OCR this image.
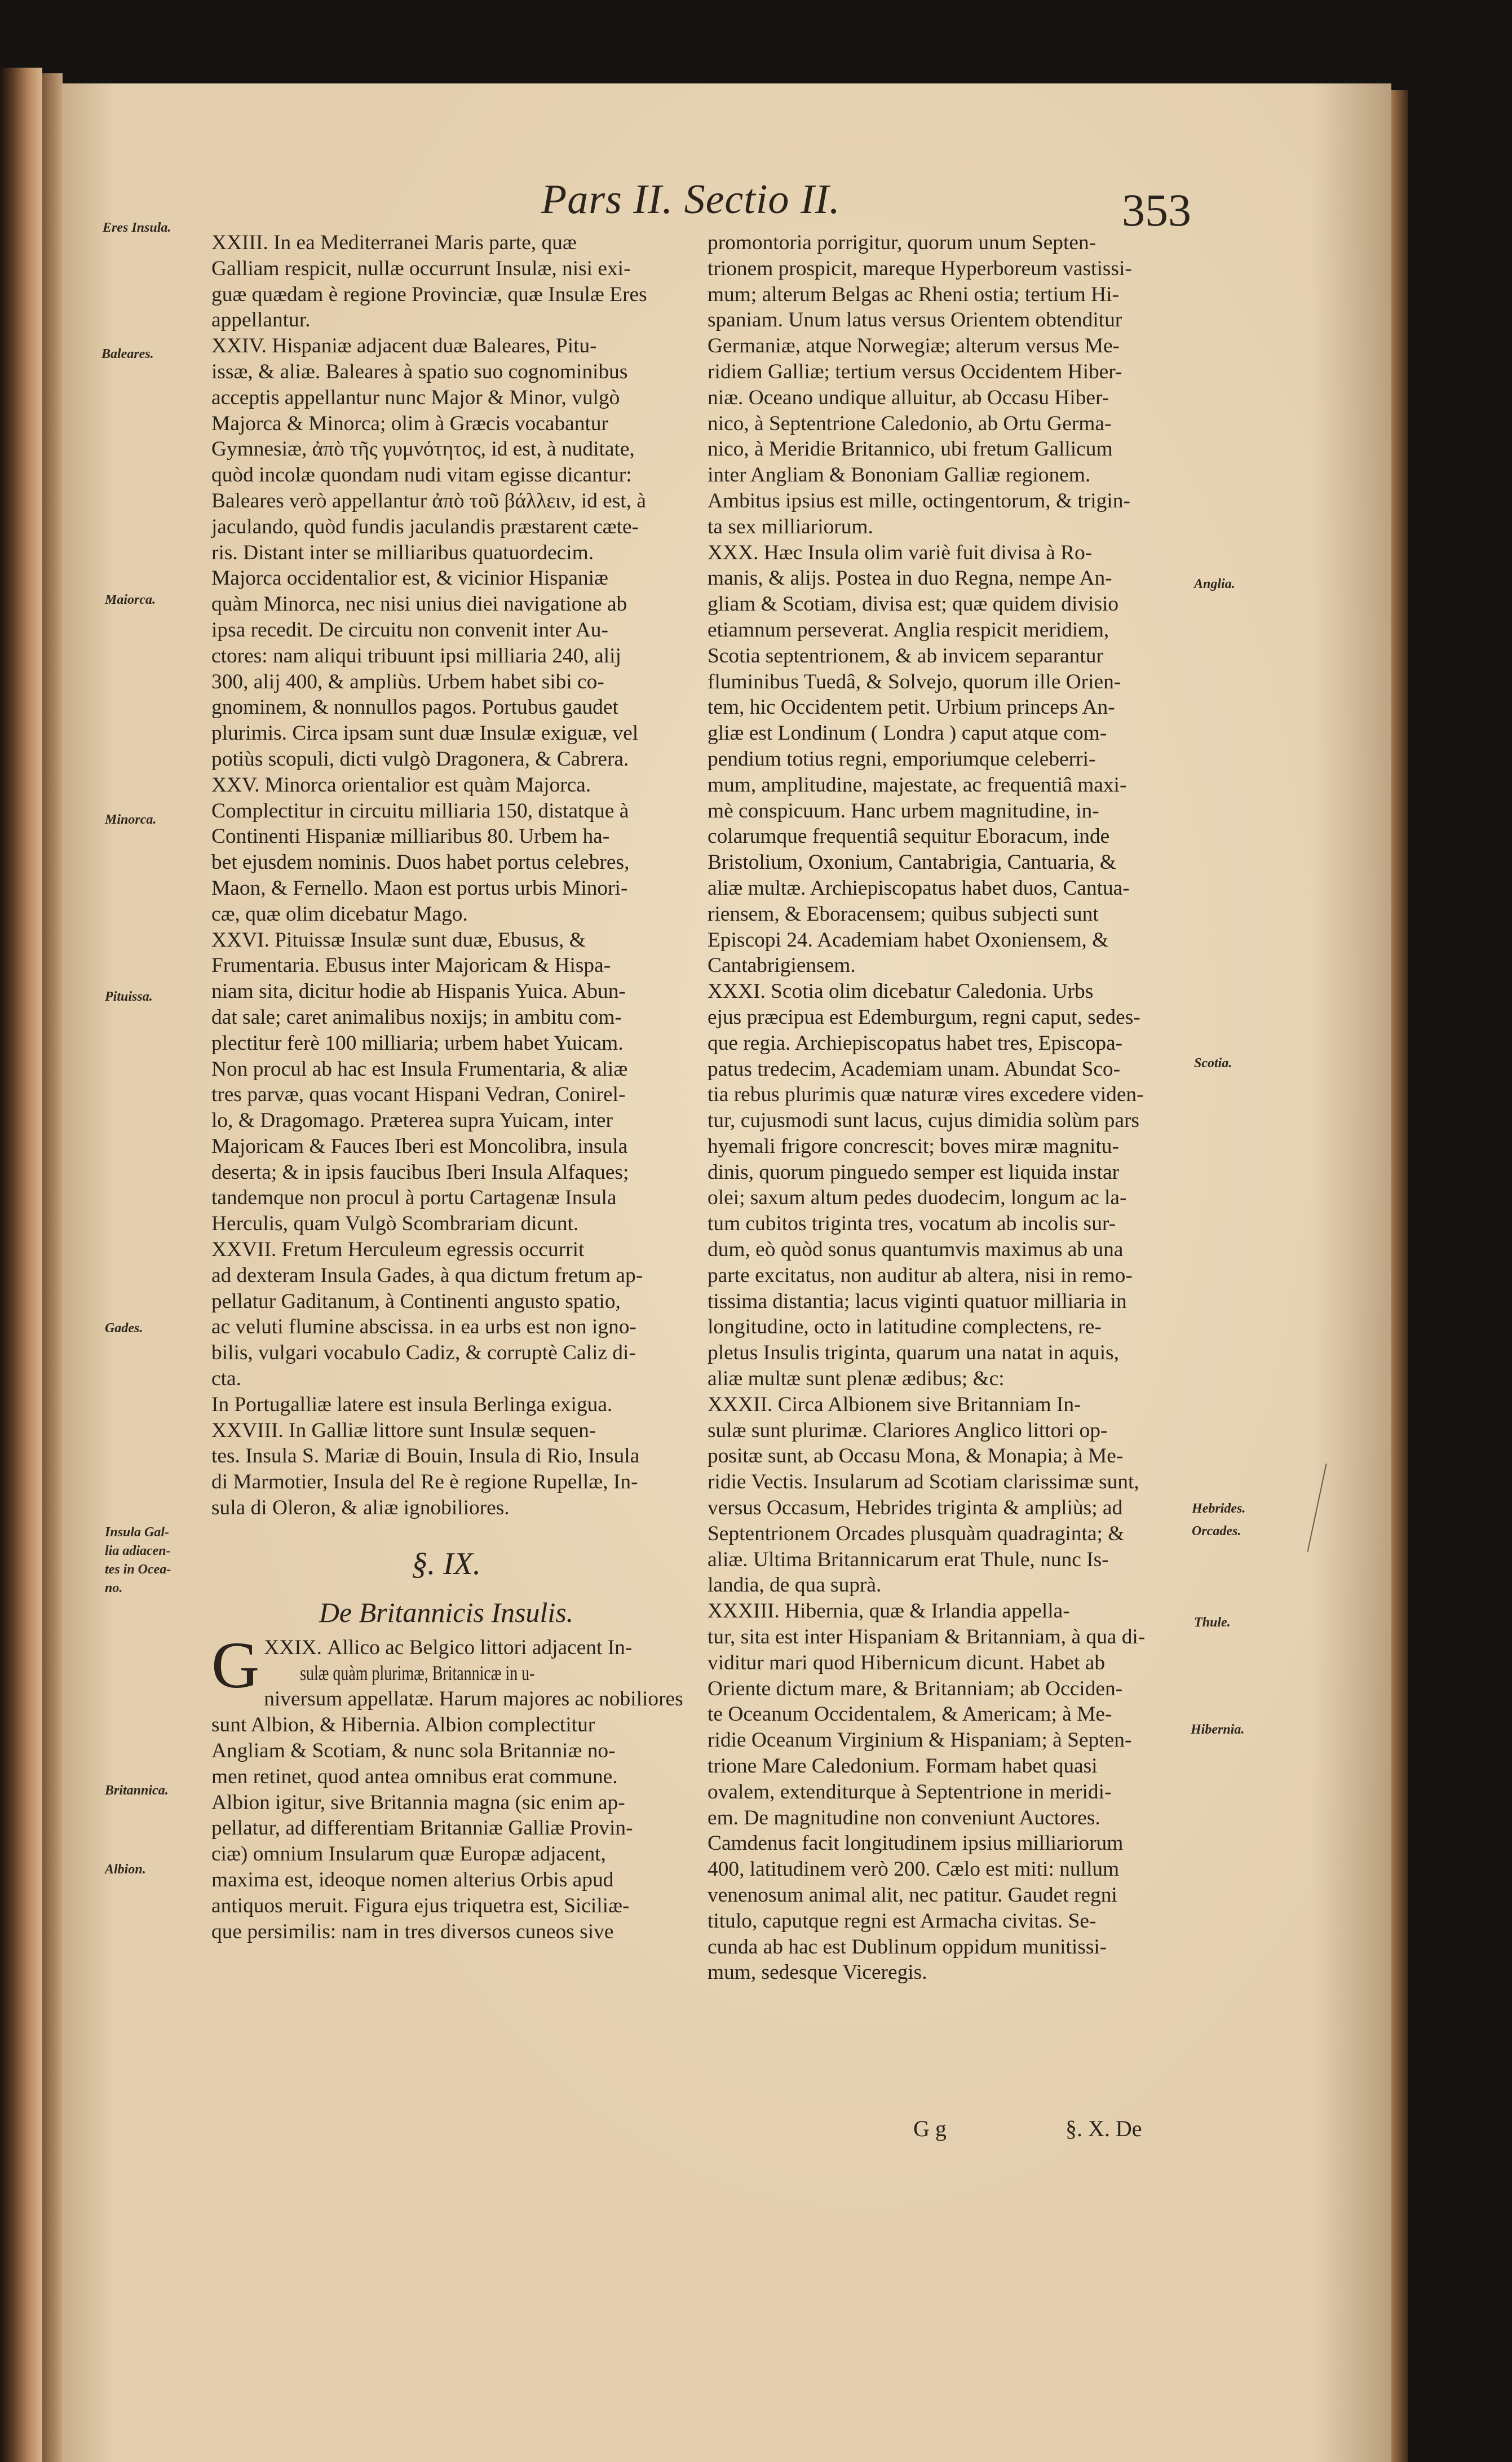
Pars II. Sectio II.	353
Eres Insula.
Baleares.
Maiorca.
Minorca.
Pituissa.
Gades.
Insula Gal-
lia adiacen-
tes in Ocea-
no.
Britannica.
Albion.
Anglia.
Scotia.
Hebrides.
Orcades.
Thule.
Hibernia.
XXIII. In ea Mediterranei Maris parte, quæ
Galliam respicit, nullæ occurrunt Insulæ, nisi exi-
guæ quædam è regione Provinciæ, quæ Insulæ Eres
appellantur.
XXIV. Hispaniæ adjacent duæ Baleares, Pitu-
issæ, & aliæ. Baleares à spatio suo cognominibus
acceptis appellantur nunc Major & Minor, vulgò
Majorca & Minorca; olim à Græcis vocabantur
Gymnesiæ, ἀπὸ τῆς γυμνότητος, id est, à nuditate,
quòd incolæ quondam nudi vitam egisse dicantur:
Baleares verò appellantur ἀπὸ τοῦ βάλλειν, id est, à
jaculando, quòd fundis jaculandis præstarent cæte-
ris. Distant inter se milliaribus quatuordecim.
Majorca occidentalior est, & vicinior Hispaniæ
quàm Minorca, nec nisi unius diei navigatione ab
ipsa recedit. De circuitu non convenit inter Au-
ctores: nam aliqui tribuunt ipsi milliaria 240, alij
300, alij 400, & ampliùs. Urbem habet sibi co-
gnominem, & nonnullos pagos. Portubus gaudet
plurimis. Circa ipsam sunt duæ Insulæ exiguæ, vel
potiùs scopuli, dicti vulgò Dragonera, & Cabrera.
XXV. Minorca orientalior est quàm Majorca.
Complectitur in circuitu milliaria 150, distatque à
Continenti Hispaniæ milliaribus 80. Urbem ha-
bet ejusdem nominis. Duos habet portus celebres,
Maon, & Fernello. Maon est portus urbis Minori-
cæ, quæ olim dicebatur Mago.
XXVI. Pituissæ Insulæ sunt duæ, Ebusus, &
Frumentaria. Ebusus inter Majoricam & Hispa-
niam sita, dicitur hodie ab Hispanis Yuica. Abun-
dat sale; caret animalibus noxijs; in ambitu com-
plectitur ferè 100 milliaria; urbem habet Yuicam.
Non procul ab hac est Insula Frumentaria, & aliæ
tres parvæ, quas vocant Hispani Vedran, Conirel-
lo, & Dragomago. Præterea supra Yuicam, inter
Majoricam & Fauces Iberi est Moncolibra, insula
deserta; & in ipsis faucibus Iberi Insula Alfaques;
tandemque non procul à portu Cartagenæ Insula
Herculis, quam Vulgò Scombrariam dicunt.
XXVII. Fretum Herculeum egressis occurrit
ad dexteram Insula Gades, à qua dictum fretum ap-
pellatur Gaditanum, à Continenti angusto spatio,
ac veluti flumine abscissa. in ea urbs est non igno-
bilis, vulgari vocabulo Cadiz, & corruptè Caliz di-
cta.
In Portugalliæ latere est insula Berlinga exigua.
XXVIII. In Galliæ littore sunt Insulæ sequen-
tes. Insula S. Mariæ di Bouin, Insula di Rio, Insula
di Marmotier, Insula del Re è regione Rupellæ, In-
sula di Oleron, & aliæ ignobiliores.
§. IX.
De Britannicis Insulis.
XXIX.
G	Allico ac Belgico littori adjacent In-
sulæ quàm plurimæ, Britannicæ in u-
niversum appellatæ. Harum majores ac nobiliores
sunt Albion, & Hibernia. Albion complectitur
Angliam & Scotiam, & nunc sola Britanniæ no-
men retinet, quod antea omnibus erat commune.
Albion igitur, sive Britannia magna (sic enim ap-
pellatur, ad differentiam Britanniæ Galliæ Provin-
ciæ) omnium Insularum quæ Europæ adjacent,
maxima est, ideoque nomen alterius Orbis apud
antiquos meruit. Figura ejus triquetra est, Siciliæ-
que persimilis: nam in tres diversos cuneos sive
promontoria porrigitur, quorum unum Septen-
trionem prospicit, mareque Hyperboreum vastissi-
mum; alterum Belgas ac Rheni ostia; tertium Hi-
spaniam. Unum latus versus Orientem obtenditur
Germaniæ, atque Norwegiæ; alterum versus Me-
ridiem Galliæ; tertium versus Occidentem Hiber-
niæ. Oceano undique alluitur, ab Occasu Hiber-
nico, à Septentrione Caledonio, ab Ortu Germa-
nico, à Meridie Britannico, ubi fretum Gallicum
inter Angliam & Bononiam Galliæ regionem.
Ambitus ipsius est mille, octingentorum, & trigin-
ta sex milliariorum.
XXX. Hæc Insula olim variè fuit divisa à Ro-
manis, & alijs. Postea in duo Regna, nempe An-
gliam & Scotiam, divisa est; quæ quidem divisio
etiamnum perseverat. Anglia respicit meridiem,
Scotia septentrionem, & ab invicem separantur
fluminibus Tuedâ, & Solvejo, quorum ille Orien-
tem, hic Occidentem petit. Urbium princeps An-
gliæ est Londinum ( Londra ) caput atque com-
pendium totius regni, emporiumque celeberri-
mum, amplitudine, majestate, ac frequentiâ maxi-
mè conspicuum. Hanc urbem magnitudine, in-
colarumque frequentiâ sequitur Eboracum, inde
Bristolium, Oxonium, Cantabrigia, Cantuaria, &
aliæ multæ. Archiepiscopatus habet duos, Cantua-
riensem, & Eboracensem; quibus subjecti sunt
Episcopi 24. Academiam habet Oxoniensem, &
Cantabrigiensem.
XXXI. Scotia olim dicebatur Caledonia. Urbs
ejus præcipua est Edemburgum, regni caput, sedes-
que regia. Archiepiscopatus habet tres, Episcopa-
patus tredecim, Academiam unam. Abundat Sco-
tia rebus plurimis quæ naturæ vires excedere viden-
tur, cujusmodi sunt lacus, cujus dimidia solùm pars
hyemali frigore concrescit; boves miræ magnitu-
dinis, quorum pinguedo semper est liquida instar
olei; saxum altum pedes duodecim, longum ac la-
tum cubitos triginta tres, vocatum ab incolis sur-
dum, eò quòd sonus quantumvis maximus ab una
parte excitatus, non auditur ab altera, nisi in remo-
tissima distantia; lacus viginti quatuor milliaria in
longitudine, octo in latitudine complectens, re-
pletus Insulis triginta, quarum una natat in aquis,
aliæ multæ sunt plenæ ædibus; &c:
XXXII. Circa Albionem sive Britanniam In-
sulæ sunt plurimæ. Clariores Anglico littori op-
positæ sunt, ab Occasu Mona, & Monapia; à Me-
ridie Vectis. Insularum ad Scotiam clarissimæ sunt,
versus Occasum, Hebrides triginta & ampliùs; ad
Septentrionem Orcades plusquàm quadraginta; &
aliæ. Ultima Britannicarum erat Thule, nunc Is-
landia, de qua suprà.
XXXIII. Hibernia, quæ & Irlandia appella-
tur, sita est inter Hispaniam & Britanniam, à qua di-
viditur mari quod Hibernicum dicunt. Habet ab
Oriente dictum mare, & Britanniam; ab Occiden-
te Oceanum Occidentalem, & Americam; à Me-
ridie Oceanum Virginium & Hispaniam; à Septen-
trione Mare Caledonium. Formam habet quasi
ovalem, extenditurque à Septentrione in meridi-
em. De magnitudine non conveniunt Auctores.
Camdenus facit longitudinem ipsius milliariorum
400, latitudinem verò 200. Cælo est miti: nullum
venenosum animal alit, nec patitur. Gaudet regni
titulo, caputque regni est Armacha civitas. Se-
cunda ab hac est Dublinum oppidum munitissi-
mum, sedesque Viceregis.
G g	§. X. De
